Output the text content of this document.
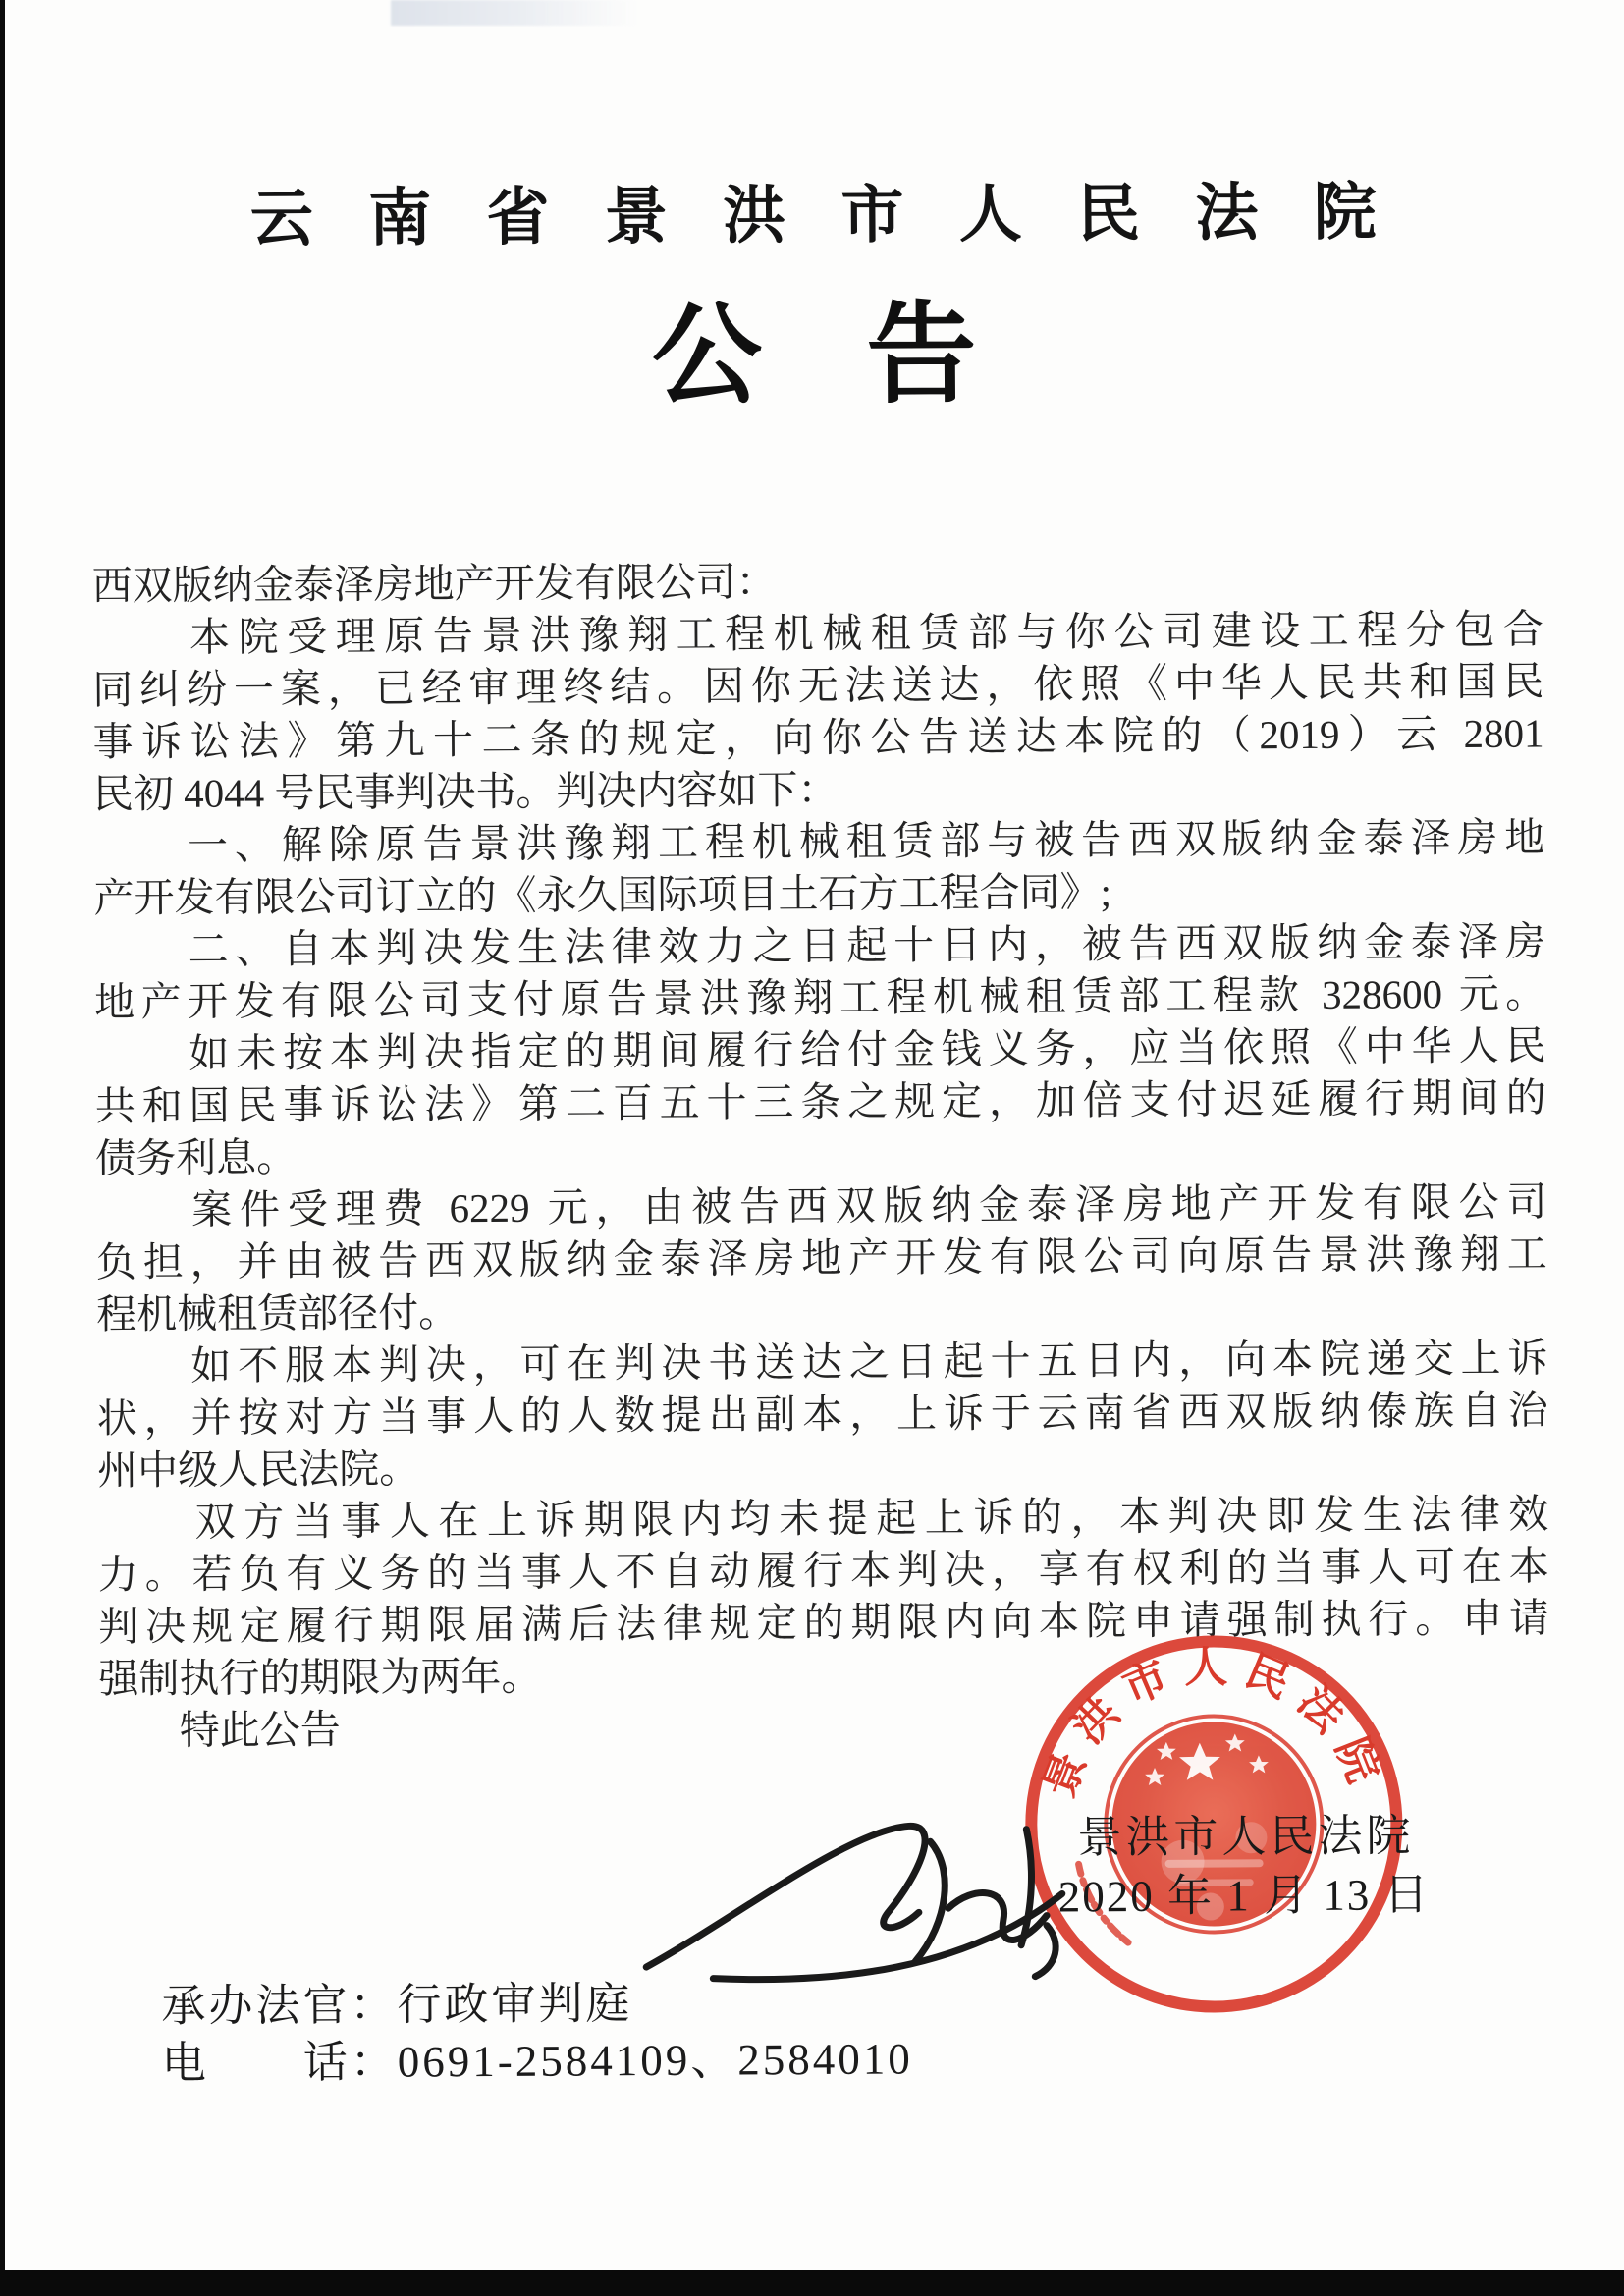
云南省景洪市人民法院
公告
西双版纳金泰泽房地产开发有限公司：
　　本院受理原告景洪豫翔工程机械租赁部与你公司建设工程分包合
同纠纷一案，已经审理终结。因你无法送达，依照《中华人民共和国民
事诉讼法》第九十二条的规定，向你公告送达本院的（2019）云 2801
民初 4044 号民事判决书。判决内容如下：
　　一、解除原告景洪豫翔工程机械租赁部与被告西双版纳金泰泽房地
产开发有限公司订立的《永久国际项目土石方工程合同》;
　　二、自本判决发生法律效力之日起十日内，被告西双版纳金泰泽房
地产开发有限公司支付原告景洪豫翔工程机械租赁部工程款 328600 元。
　　如未按本判决指定的期间履行给付金钱义务，应当依照《中华人民
共和国民事诉讼法》第二百五十三条之规定，加倍支付迟延履行期间的
债务利息。
　　案件受理费 6229 元，由被告西双版纳金泰泽房地产开发有限公司
负担，并由被告西双版纳金泰泽房地产开发有限公司向原告景洪豫翔工
程机械租赁部径付。
　　如不服本判决，可在判决书送达之日起十五日内，向本院递交上诉
状，并按对方当事人的人数提出副本，上诉于云南省西双版纳傣族自治
州中级人民法院。
　　双方当事人在上诉期限内均未提起上诉的，本判决即发生法律效
力。若负有义务的当事人不自动履行本判决，享有权利的当事人可在本
判决规定履行期限届满后法律规定的期限内向本院申请强制执行。申请
强制执行的期限为两年。
　　特此公告
景洪市人民法院
景洪市人民法院
2020 年 1 月 13 日
承办法官：行政审判庭
电　　话：0691-2584109、2584010
